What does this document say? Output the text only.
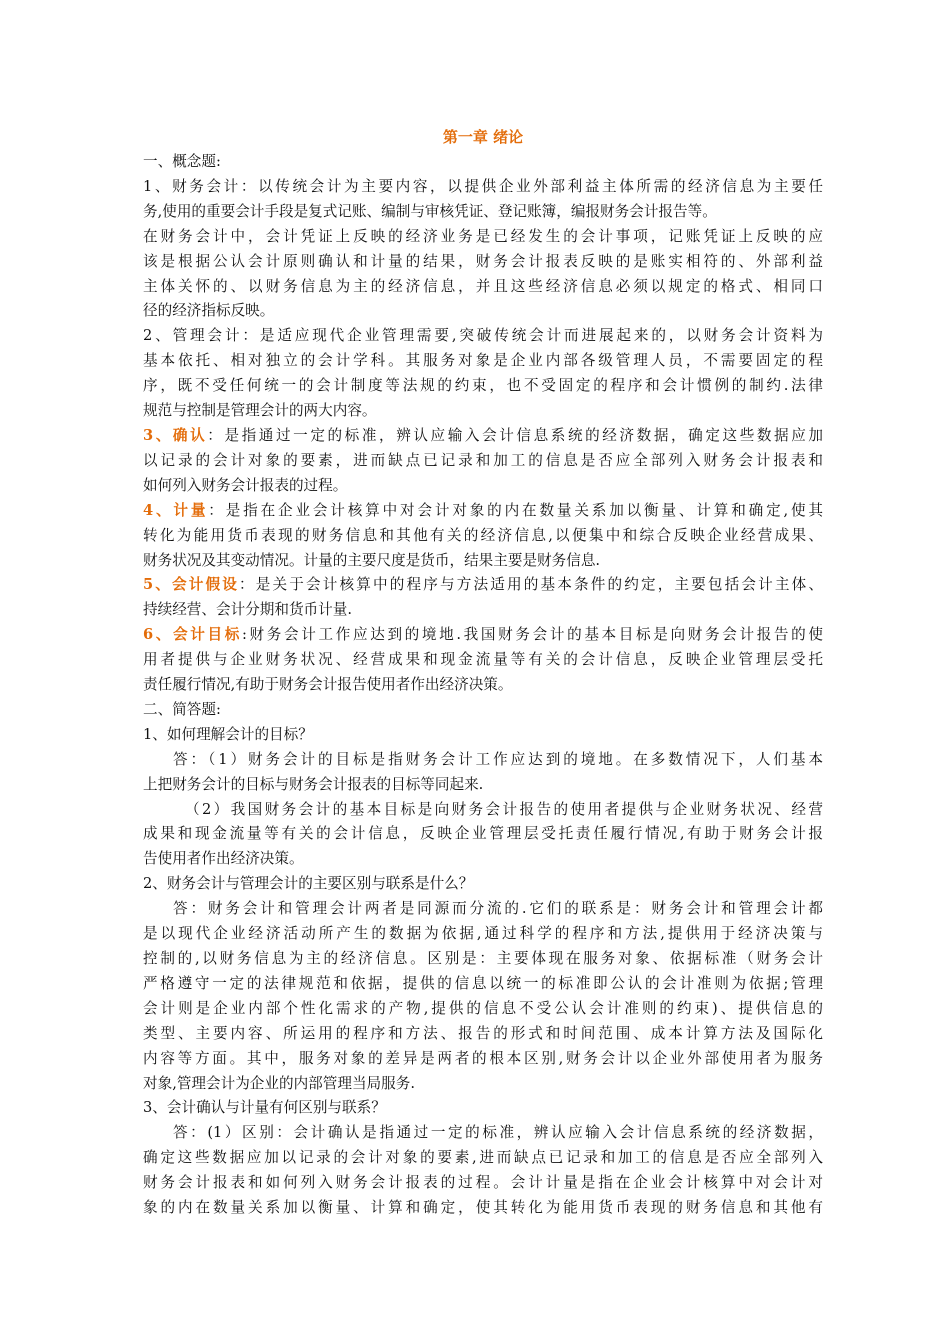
第一章 绪论

一、概念题:

1、财务会计：以传统会计为主要内容，以提供企业外部利益主体所需的经济信息为主要任

务,使用的重要会计手段是复式记账、编制与审核凭证、登记账簿，编报财务会计报告等。

在财务会计中，会计凭证上反映的经济业务是已经发生的会计事项，记账凭证上反映的应

该是根据公认会计原则确认和计量的结果，财务会计报表反映的是账实相符的、外部利益

主体关怀的、以财务信息为主的经济信息，并且这些经济信息必须以规定的格式、相同口

径的经济指标反映。

2、管理会计：是适应现代企业管理需要,突破传统会计而进展起来的，以财务会计资料为

基本依托、相对独立的会计学科。其服务对象是企业内部各级管理人员，不需要固定的程

序，既不受任何统一的会计制度等法规的约束，也不受固定的程序和会计惯例的制约.法律

规范与控制是管理会计的两大内容。

3、确认：是指通过一定的标准，辨认应输入会计信息系统的经济数据，确定这些数据应加

以记录的会计对象的要素，进而缺点已记录和加工的信息是否应全部列入财务会计报表和

如何列入财务会计报表的过程。

4、计量：是指在企业会计核算中对会计对象的内在数量关系加以衡量、计算和确定,使其

转化为能用货币表现的财务信息和其他有关的经济信息,以便集中和综合反映企业经营成果、

财务状况及其变动情况。计量的主要尺度是货币，结果主要是财务信息.

5、会计假设：是关于会计核算中的程序与方法适用的基本条件的约定，主要包括会计主体、

持续经营、会计分期和货币计量.

6、会计目标:财务会计工作应达到的境地.我国财务会计的基本目标是向财务会计报告的使

用者提供与企业财务状况、经营成果和现金流量等有关的会计信息，反映企业管理层受托

责任履行情况,有助于财务会计报告使用者作出经济决策。

二、简答题:

1、如何理解会计的目标？

答：（1）财务会计的目标是指财务会计工作应达到的境地。在多数情况下，人们基本

上把财务会计的目标与财务会计报表的目标等同起来.

（2）我国财务会计的基本目标是向财务会计报告的使用者提供与企业财务状况、经营

成果和现金流量等有关的会计信息，反映企业管理层受托责任履行情况,有助于财务会计报

告使用者作出经济决策。

2、财务会计与管理会计的主要区别与联系是什么？

答：财务会计和管理会计两者是同源而分流的.它们的联系是：财务会计和管理会计都

是以现代企业经济活动所产生的数据为依据,通过科学的程序和方法,提供用于经济决策与

控制的,以财务信息为主的经济信息。区别是：主要体现在服务对象、依据标准（财务会计

严格遵守一定的法律规范和依据，提供的信息以统一的标准即公认的会计准则为依据;管理

会计则是企业内部个性化需求的产物,提供的信息不受公认会计准则的约束)、提供信息的

类型、主要内容、所运用的程序和方法、报告的形式和时间范围、成本计算方法及国际化

内容等方面。其中，服务对象的差异是两者的根本区别,财务会计以企业外部使用者为服务

对象,管理会计为企业的内部管理当局服务.

3、会计确认与计量有何区别与联系？

答：(1）区别：会计确认是指通过一定的标准，辨认应输入会计信息系统的经济数据，

确定这些数据应加以记录的会计对象的要素,进而缺点已记录和加工的信息是否应全部列入

财务会计报表和如何列入财务会计报表的过程。会计计量是指在企业会计核算中对会计对

象的内在数量关系加以衡量、计算和确定，使其转化为能用货币表现的财务信息和其他有
